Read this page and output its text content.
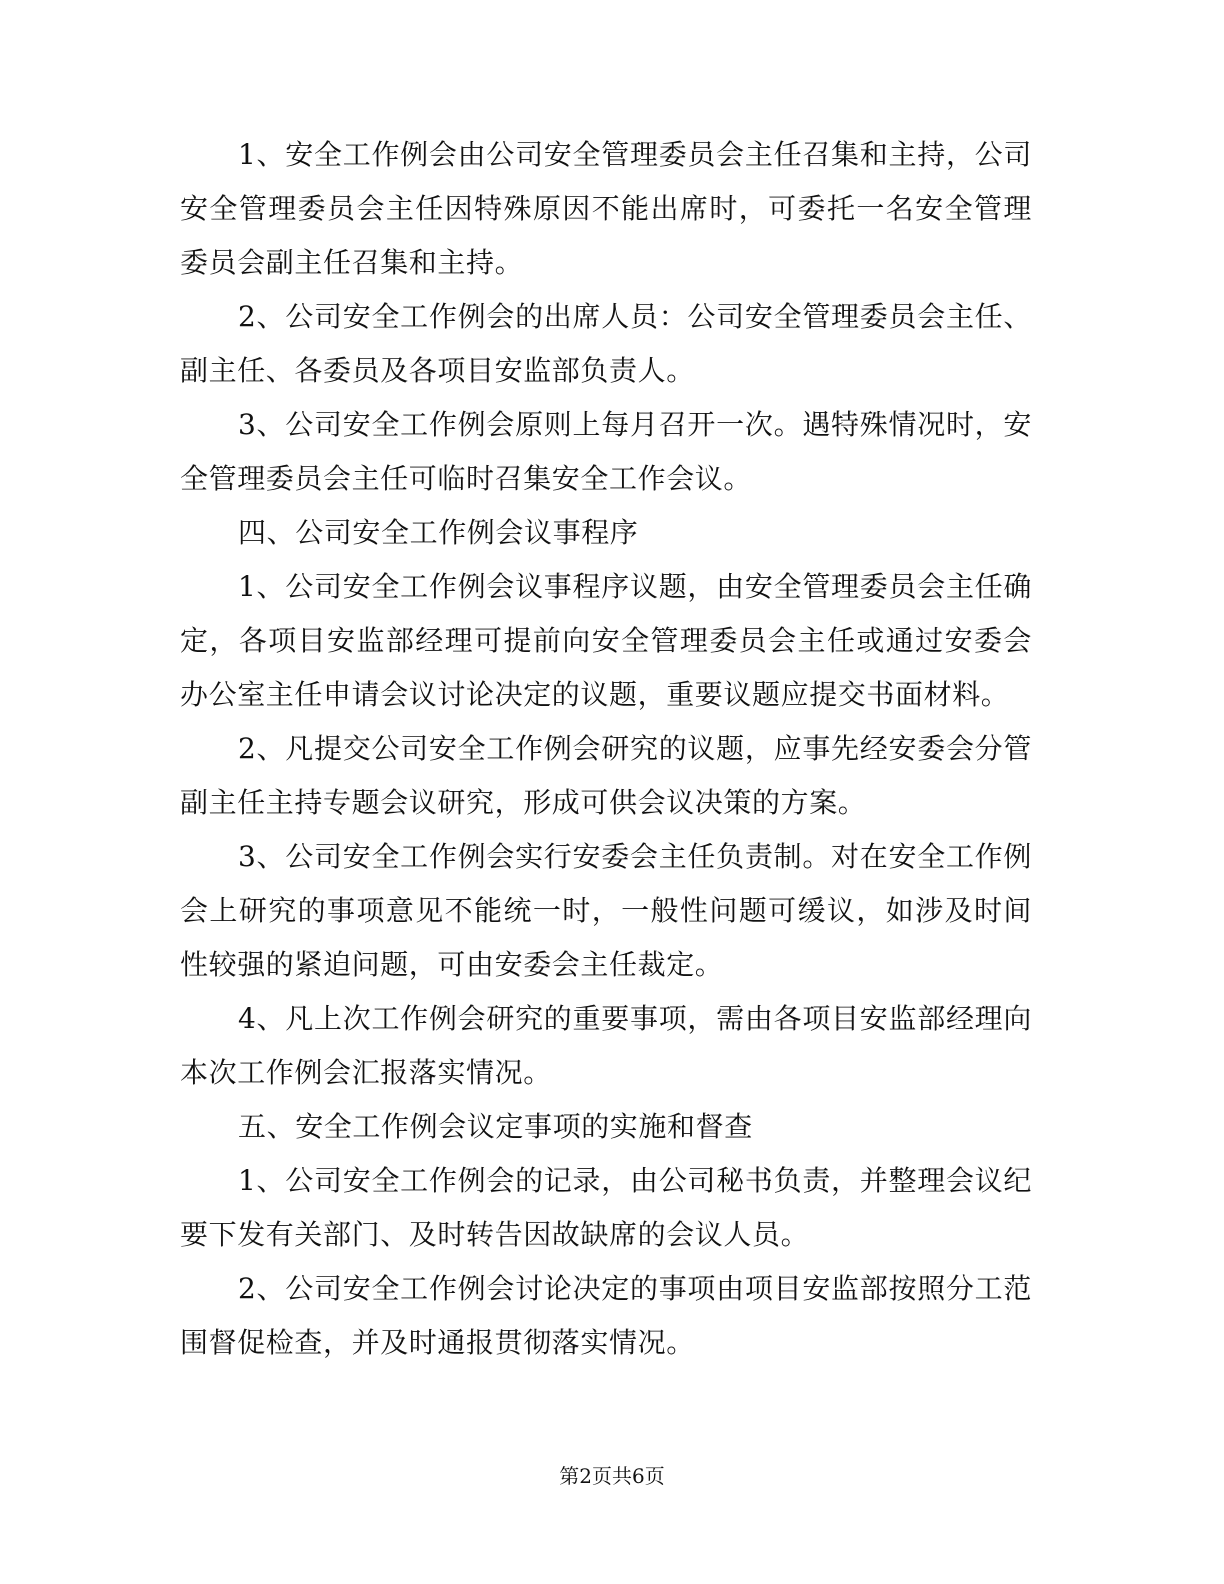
1、安全工作例会由公司安全管理委员会主任召集和主持，公司安全管理委员会主任因特殊原因不能出席时，可委托一名安全管理委员会副主任召集和主持。

2、公司安全工作例会的出席人员：公司安全管理委员会主任、副主任、各委员及各项目安监部负责人。

3、公司安全工作例会原则上每月召开一次。遇特殊情况时，安全管理委员会主任可临时召集安全工作会议。

四、公司安全工作例会议事程序

1、公司安全工作例会议事程序议题，由安全管理委员会主任确定，各项目安监部经理可提前向安全管理委员会主任或通过安委会办公室主任申请会议讨论决定的议题，重要议题应提交书面材料。

2、凡提交公司安全工作例会研究的议题，应事先经安委会分管副主任主持专题会议研究，形成可供会议决策的方案。

3、公司安全工作例会实行安委会主任负责制。对在安全工作例会上研究的事项意见不能统一时，一般性问题可缓议，如涉及时间性较强的紧迫问题，可由安委会主任裁定。

4、凡上次工作例会研究的重要事项，需由各项目安监部经理向本次工作例会汇报落实情况。

五、安全工作例会议定事项的实施和督查

1、公司安全工作例会的记录，由公司秘书负责，并整理会议纪要下发有关部门、及时转告因故缺席的会议人员。

2、公司安全工作例会讨论决定的事项由项目安监部按照分工范围督促检查，并及时通报贯彻落实情况。

第2页共6页
